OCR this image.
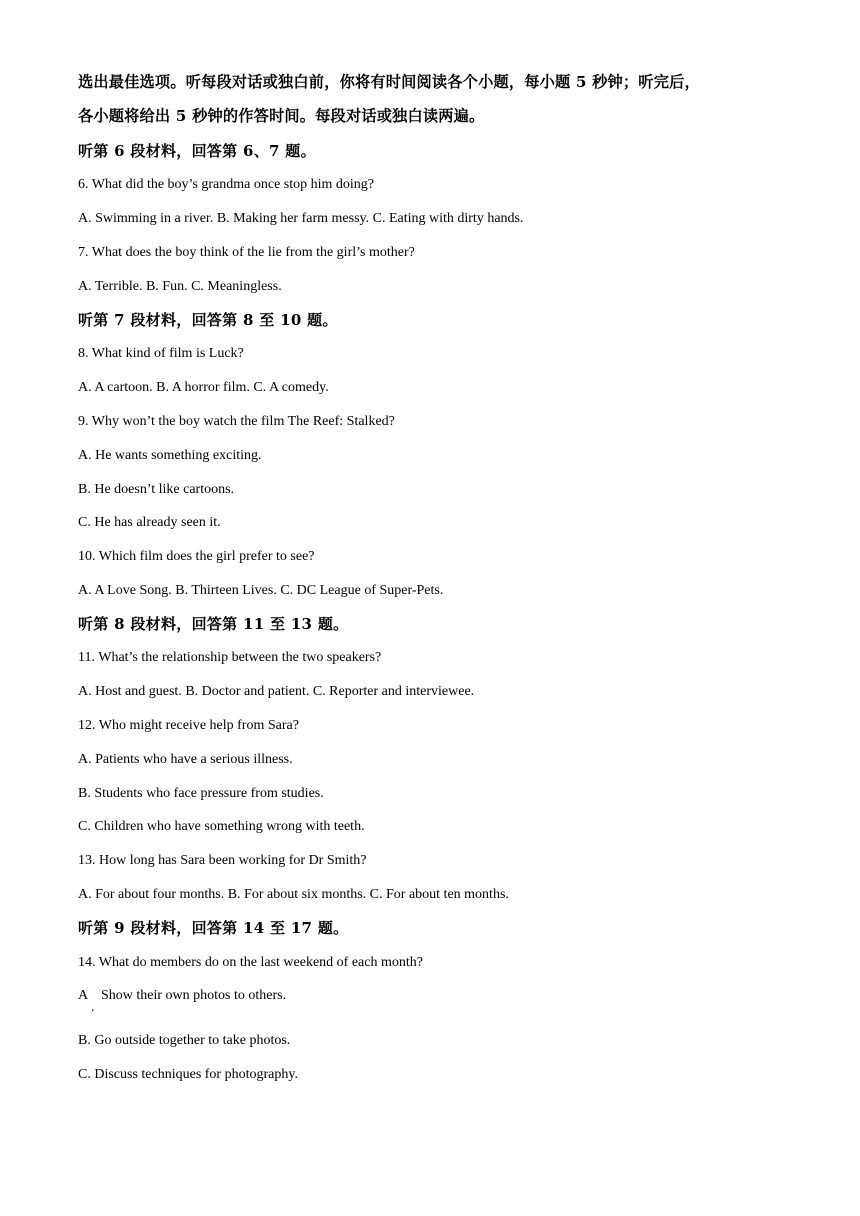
选出最佳选项。听每段对话或独白前，你将有时间阅读各个小题，每小题 5 秒钟；听完后，
各小题将给出 5 秒钟的作答时间。每段对话或独白读两遍。
听第 6 段材料，回答第 6、7 题。
6. What did the boy’s grandma once stop him doing?
A. Swimming in a river. B. Making her farm messy. C. Eating with dirty hands.
7. What does the boy think of the lie from the girl’s mother?
A. Terrible. B. Fun. C. Meaningless.
听第 7 段材料，回答第 8 至 10 题。
8. What kind of film is Luck?
A. A cartoon. B. A horror film. C. A comedy.
9. Why won’t the boy watch the film The Reef: Stalked?
A. He wants something exciting.
B. He doesn’t like cartoons.
C. He has already seen it.
10. Which film does the girl prefer to see?
A. A Love Song. B. Thirteen Lives. C. DC League of Super-Pets.
听第 8 段材料，回答第 11 至 13 题。
11. What’s the relationship between the two speakers?
A. Host and guest. B. Doctor and patient. C. Reporter and interviewee.
12. Who might receive help from Sara?
A. Patients who have a serious illness.
B. Students who face pressure from studies.
C. Children who have something wrong with teeth.
13. How long has Sara been working for Dr Smith?
A. For about four months. B. For about six months. C. For about ten months.
听第 9 段材料，回答第 14 至 17 题。
14. What do members do on the last weekend of each month?
A
.
Show their own photos to others.
B. Go outside together to take photos.
C. Discuss techniques for photography.
